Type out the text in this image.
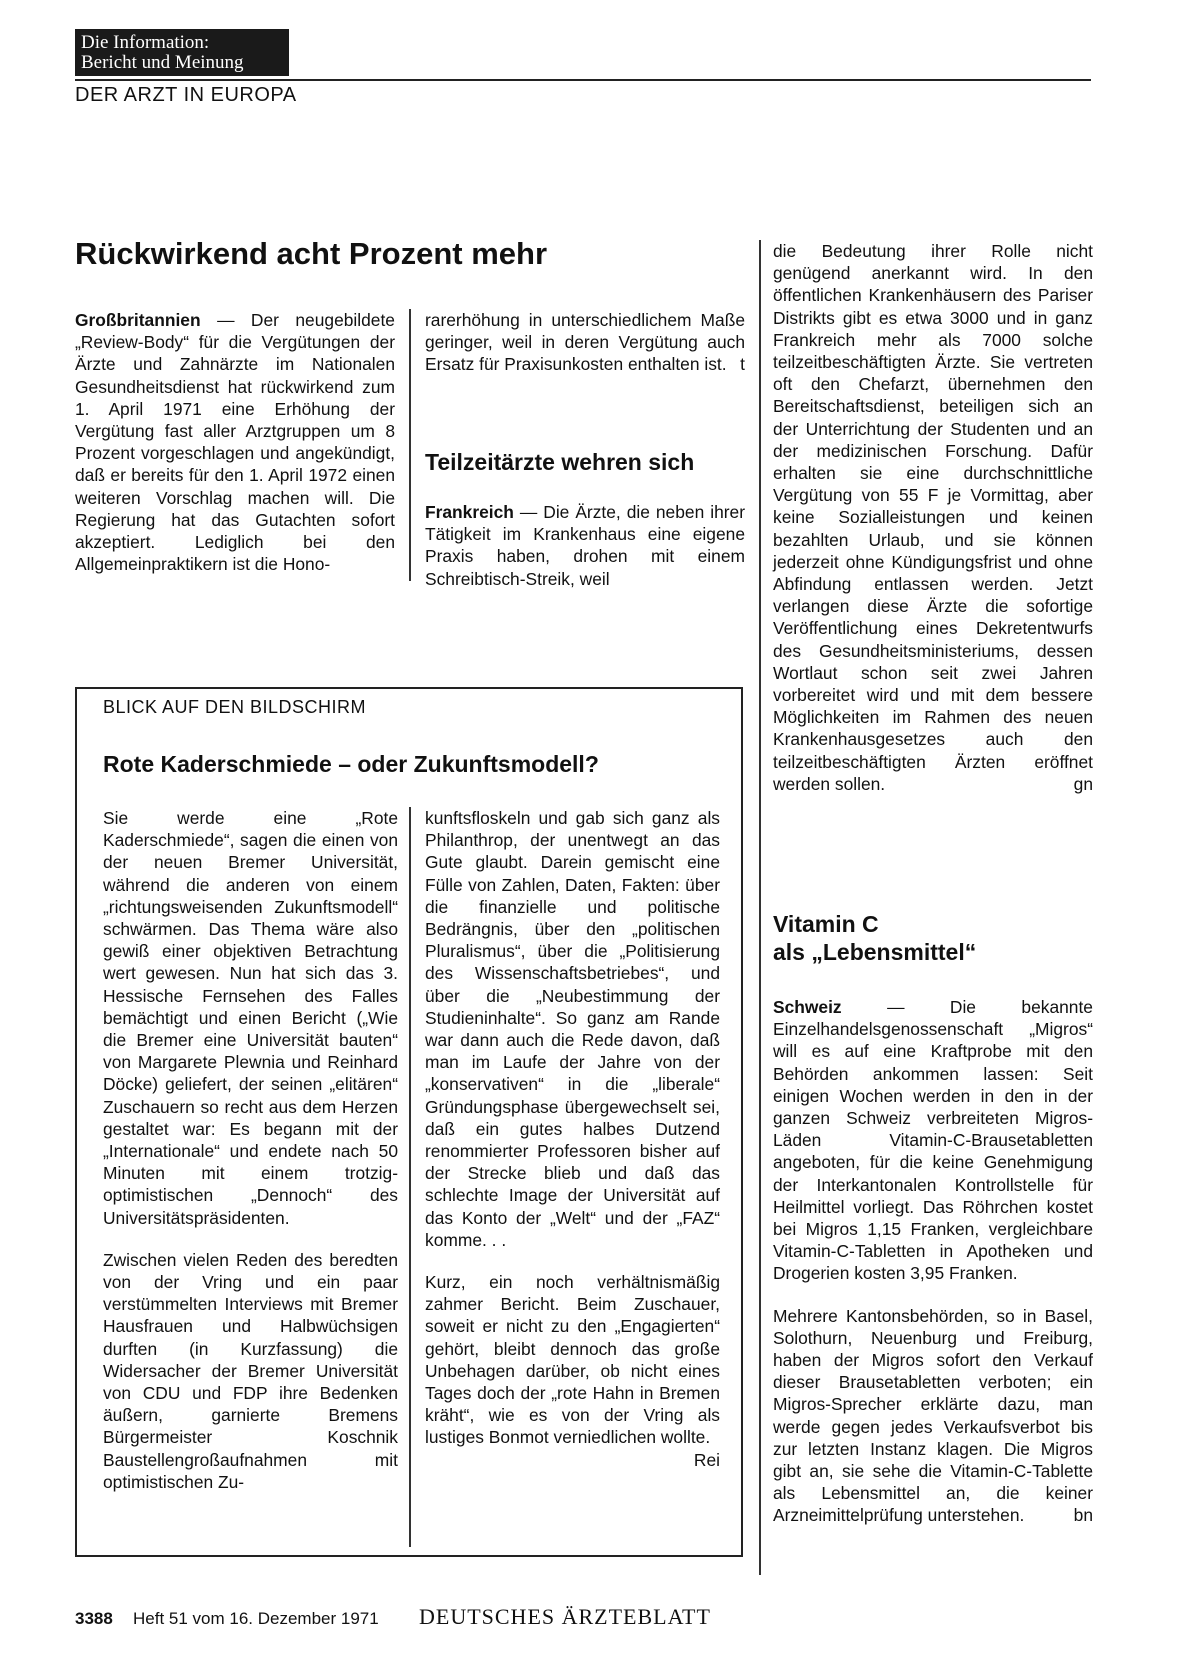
Die Information:
Bericht und Meinung
DER ARZT IN EUROPA
Rückwirkend acht Prozent mehr

Großbritannien — Der neugebildete „Review-Body“ für die Vergütungen der Ärzte und Zahnärzte im Nationalen Gesundheitsdienst hat rückwirkend zum 1. April 1971 eine Erhöhung der Vergütung fast aller Arztgruppen um 8 Prozent vorgeschlagen und angekündigt, daß er bereits für den 1. April 1972 einen weiteren Vorschlag machen will. Die Regierung hat das Gutachten sofort akzeptiert. Lediglich bei den Allgemeinpraktikern ist die Hono-

rarerhöhung in unterschiedlichem Maße geringer, weil in deren Vergütung auch Ersatz für Praxisunkosten enthalten ist. t

Teilzeitärzte wehren sich

Frankreich — Die Ärzte, die neben ihrer Tätigkeit im Krankenhaus eine eigene Praxis haben, drohen mit einem Schreibtisch-Streik, weil

die Bedeutung ihrer Rolle nicht genügend anerkannt wird. In den öffentlichen Krankenhäusern des Pariser Distrikts gibt es etwa 3000 und in ganz Frankreich mehr als 7000 solche teilzeitbeschäftigten Ärzte. Sie vertreten oft den Chefarzt, übernehmen den Bereitschaftsdienst, beteiligen sich an der Unterrichtung der Studenten und an der medizinischen Forschung. Dafür erhalten sie eine durchschnittliche Vergütung von 55 F je Vormittag, aber keine Sozialleistungen und keinen bezahlten Urlaub, und sie können jederzeit ohne Kündigungsfrist und ohne Abfindung entlassen werden. Jetzt verlangen diese Ärzte die sofortige Veröffentlichung eines Dekretentwurfs des Gesundheitsministeriums, dessen Wortlaut schon seit zwei Jahren vorbereitet wird und mit dem bessere Möglichkeiten im Rahmen des neuen Krankenhausgesetzes auch den teilzeitbeschäftigten Ärzten eröffnet werden sollen.	gn

BLICK AUF DEN BILDSCHIRM
Rote Kaderschmiede – oder Zukunftsmodell?

Sie werde eine „Rote Kaderschmiede“, sagen die einen von der neuen Bremer Universität, während die anderen von einem „richtungsweisenden Zukunftsmodell“ schwärmen. Das Thema wäre also gewiß einer objektiven Betrachtung wert gewesen. Nun hat sich das 3. Hessische Fernsehen des Falles bemächtigt und einen Bericht („Wie die Bremer eine Universität bauten“ von Margarete Plewnia und Reinhard Döcke) geliefert, der seinen „elitären“ Zuschauern so recht aus dem Herzen gestaltet war: Es begann mit der „Internationale“ und endete nach 50 Minuten mit einem trotzig-optimistischen „Dennoch“ des Universitätspräsidenten.

Zwischen vielen Reden des beredten von der Vring und ein paar verstümmelten Interviews mit Bremer Hausfrauen und Halbwüchsigen durften (in Kurzfassung) die Widersacher der Bremer Universität von CDU und FDP ihre Bedenken äußern, garnierte Bremens Bürgermeister Koschnik Baustellengroßaufnahmen mit optimistischen Zu-

kunftsfloskeln und gab sich ganz als Philanthrop, der unentwegt an das Gute glaubt. Darein gemischt eine Fülle von Zahlen, Daten, Fakten: über die finanzielle und politische Bedrängnis, über den „politischen Pluralismus“, über die „Politisierung des Wissenschaftsbetriebes“, und über die „Neubestimmung der Studieninhalte“. So ganz am Rande war dann auch die Rede davon, daß man im Laufe der Jahre von der „konservativen“ in die „liberale“ Gründungsphase übergewechselt sei, daß ein gutes halbes Dutzend renommierter Professoren bisher auf der Strecke blieb und daß das schlechte Image der Universität auf das Konto der „Welt“ und der „FAZ“ komme. . .

Kurz, ein noch verhältnismäßig zahmer Bericht. Beim Zuschauer, soweit er nicht zu den „Engagierten“ gehört, bleibt dennoch das große Unbehagen darüber, ob nicht eines Tages doch der „rote Hahn in Bremen kräht“, wie es von der Vring als lustiges Bonmot verniedlichen wollte.
Rei

Vitamin C
als „Lebensmittel“

Schweiz	— Die bekannte Einzelhandelsgenossenschaft „Migros“ will es auf eine Kraftprobe mit den Behörden ankommen lassen: Seit einigen Wochen werden in den in der ganzen Schweiz verbreiteten Migros-Läden Vitamin-C-Brausetabletten angeboten, für die keine Genehmigung der Interkantonalen Kontrollstelle für Heilmittel vorliegt. Das Röhrchen kostet bei Migros 1,15 Franken, vergleichbare Vitamin-C-Tabletten in Apotheken und Drogerien kosten 3,95 Franken.

Mehrere Kantonsbehörden, so in Basel, Solothurn, Neuenburg und Freiburg, haben der Migros sofort den Verkauf dieser Brausetabletten verboten; ein Migros-Sprecher erklärte dazu, man werde gegen jedes Verkaufsverbot bis zur letzten Instanz klagen. Die Migros gibt an, sie sehe die Vitamin-C-Tablette als Lebensmittel an, die keiner Arzneimittelprüfung unterstehen.	bn

3388 Heft 51 vom 16. Dezember 1971 DEUTSCHES ÄRZTEBLATT
